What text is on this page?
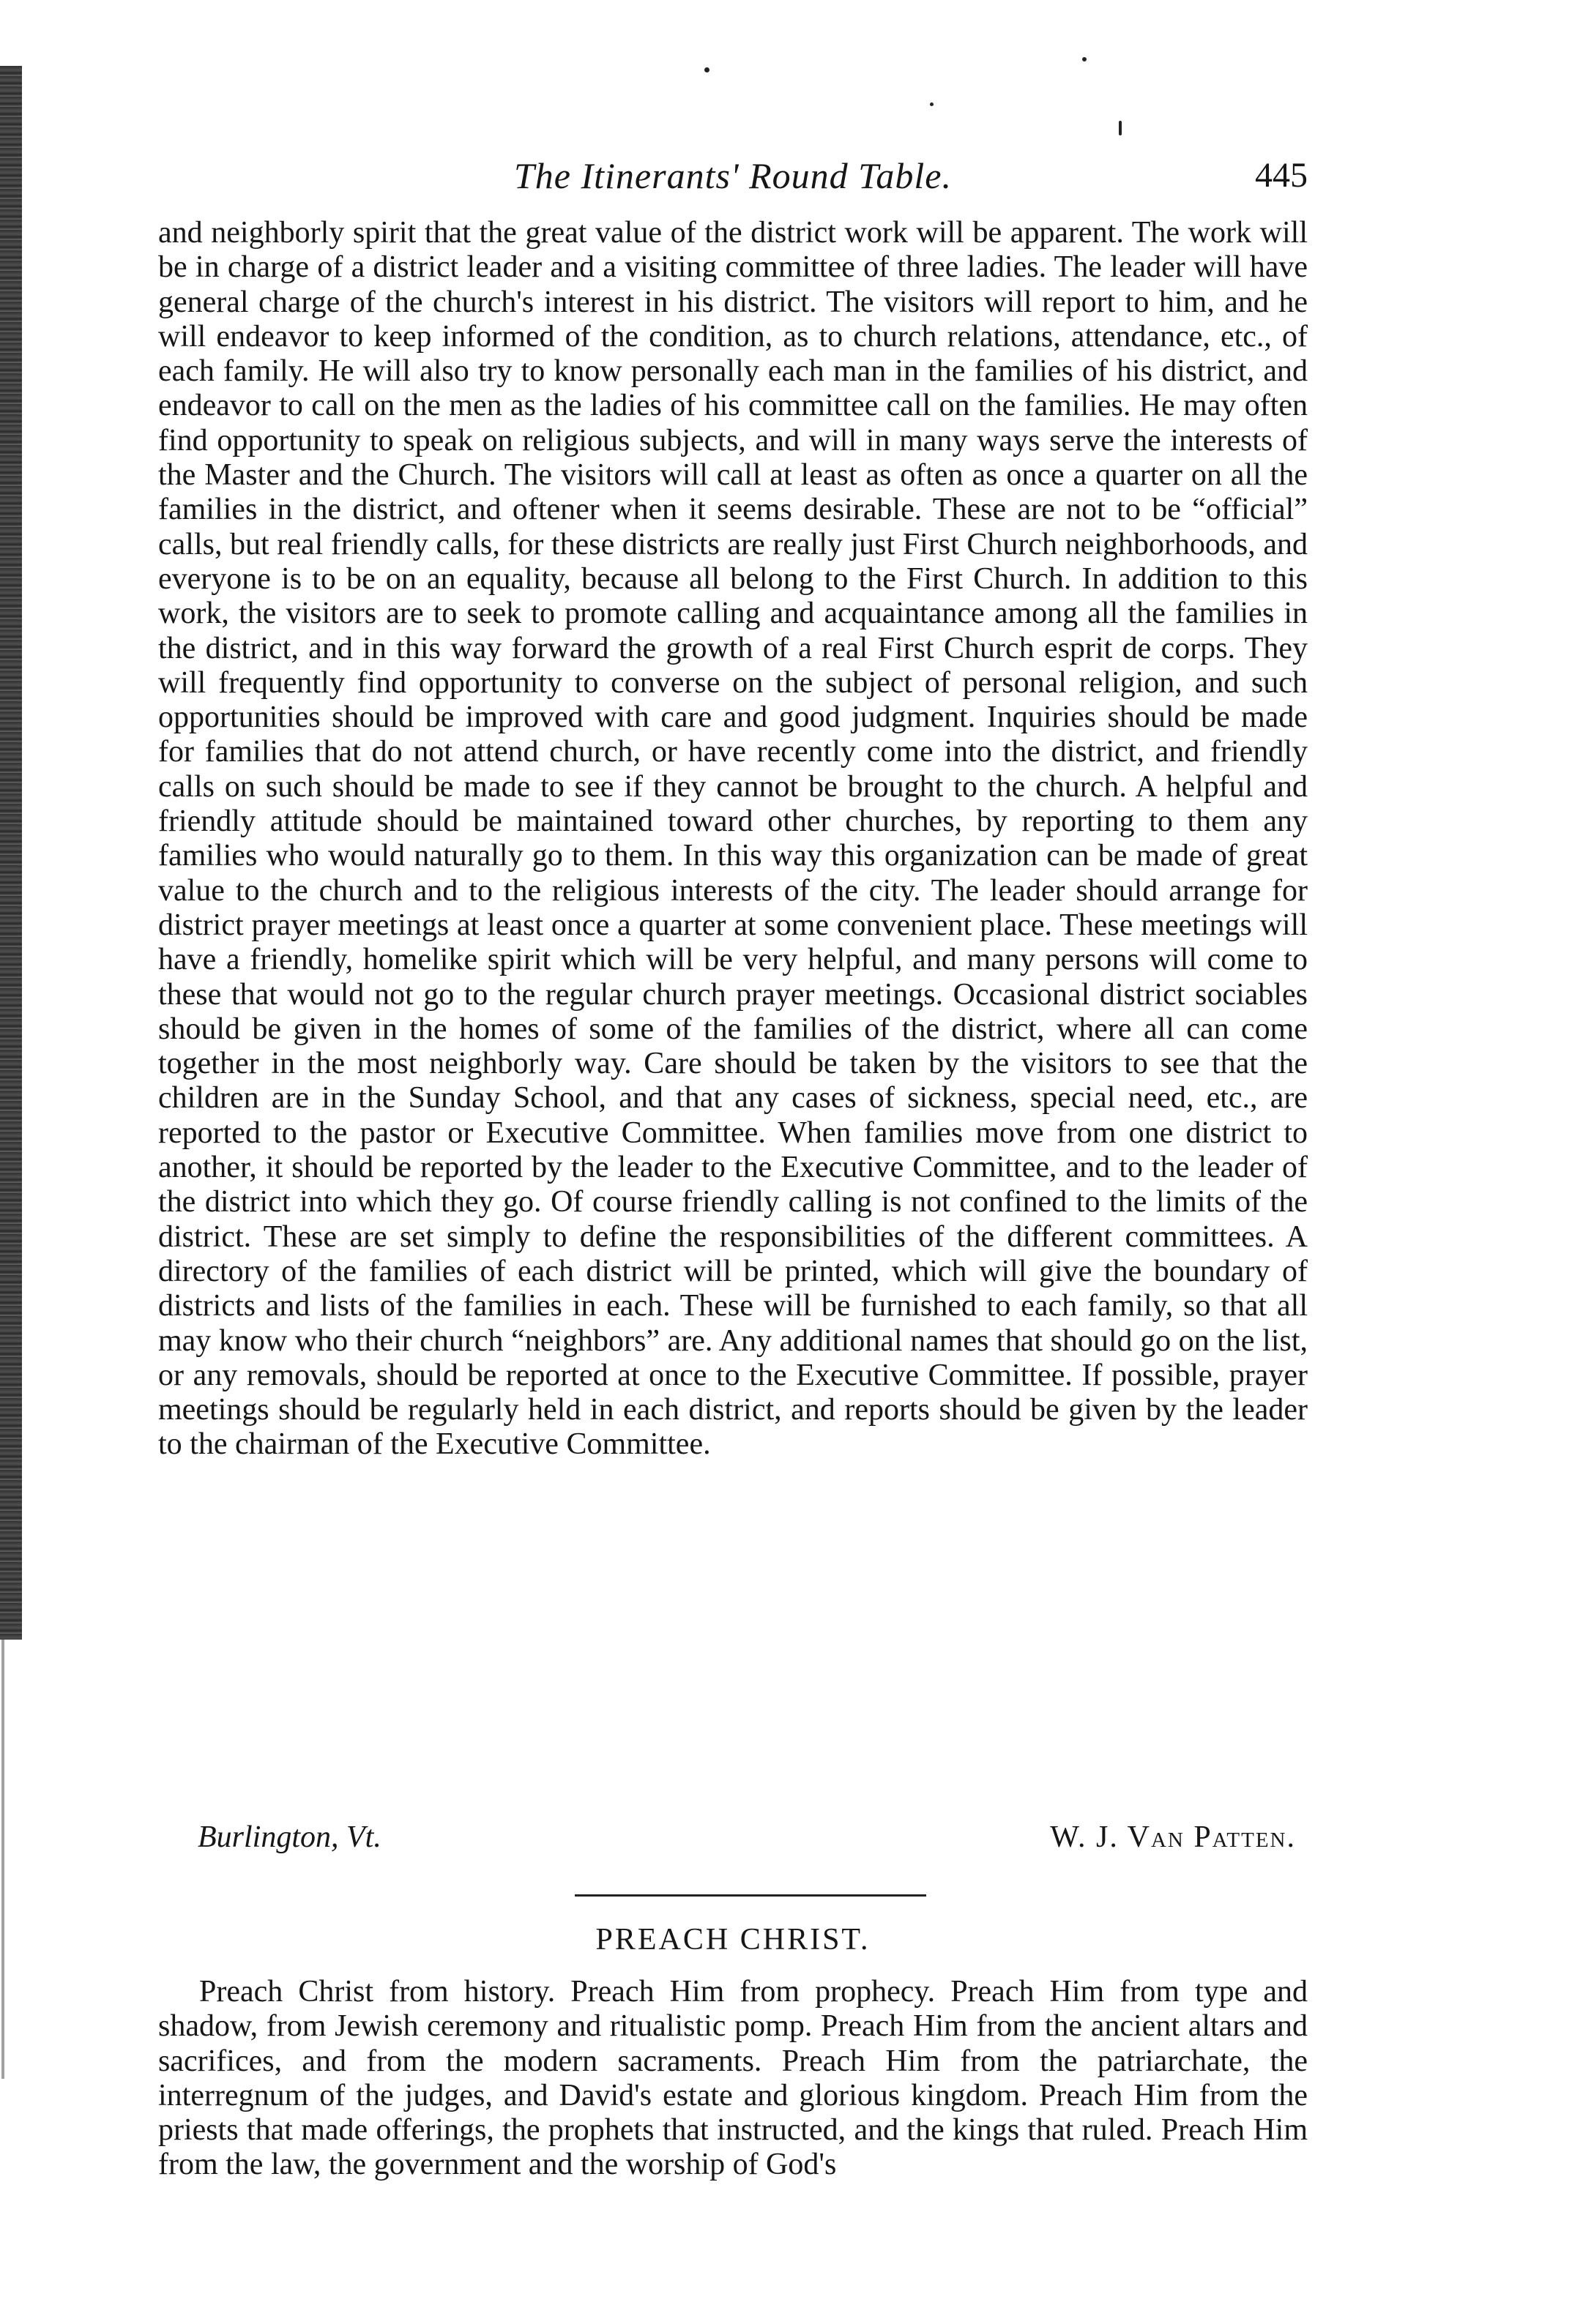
The Itinerants' Round Table.	445

and neighborly spirit that the great value of the district work will be apparent. The work will be in charge of a district leader and a visiting committee of three ladies. The leader will have general charge of the church's interest in his district. The visitors will report to him, and he will endeavor to keep informed of the condition, as to church relations, attendance, etc., of each family. He will also try to know personally each man in the families of his district, and endeavor to call on the men as the ladies of his committee call on the families. He may often find opportunity to speak on religious subjects, and will in many ways serve the interests of the Master and the Church. The visitors will call at least as often as once a quarter on all the families in the district, and oftener when it seems desirable. These are not to be “official” calls, but real friendly calls, for these districts are really just First Church neighborhoods, and everyone is to be on an equality, because all belong to the First Church. In addition to this work, the visitors are to seek to promote calling and acquaintance among all the families in the district, and in this way forward the growth of a real First Church esprit de corps. They will frequently find opportunity to converse on the subject of personal religion, and such opportunities should be improved with care and good judgment. Inquiries should be made for families that do not attend church, or have recently come into the district, and friendly calls on such should be made to see if they cannot be brought to the church. A helpful and friendly attitude should be maintained toward other churches, by reporting to them any families who would naturally go to them. In this way this organization can be made of great value to the church and to the religious interests of the city. The leader should arrange for district prayer meetings at least once a quarter at some convenient place. These meetings will have a friendly, homelike spirit which will be very helpful, and many persons will come to these that would not go to the regular church prayer meetings. Occasional district sociables should be given in the homes of some of the families of the district, where all can come together in the most neighborly way. Care should be taken by the visitors to see that the children are in the Sunday School, and that any cases of sickness, special need, etc., are reported to the pastor or Executive Committee. When families move from one district to another, it should be reported by the leader to the Executive Committee, and to the leader of the district into which they go. Of course friendly calling is not confined to the limits of the district. These are set simply to define the responsibilities of the different committees. A directory of the families of each district will be printed, which will give the boundary of districts and lists of the families in each. These will be furnished to each family, so that all may know who their church “neighbors” are. Any additional names that should go on the list, or any removals, should be reported at once to the Executive Committee. If possible, prayer meetings should be regularly held in each district, and reports should be given by the leader to the chairman of the Executive Committee.

Burlington, Vt.	W. J. Van Patten.
PREACH CHRIST.

Preach Christ from history. Preach Him from prophecy. Preach Him from type and shadow, from Jewish ceremony and ritualistic pomp. Preach Him from the ancient altars and sacrifices, and from the modern sacraments. Preach Him from the patriarchate, the interregnum of the judges, and David's estate and glorious kingdom. Preach Him from the priests that made offerings, the prophets that instructed, and the kings that ruled. Preach Him from the law, the government and the worship of God's
